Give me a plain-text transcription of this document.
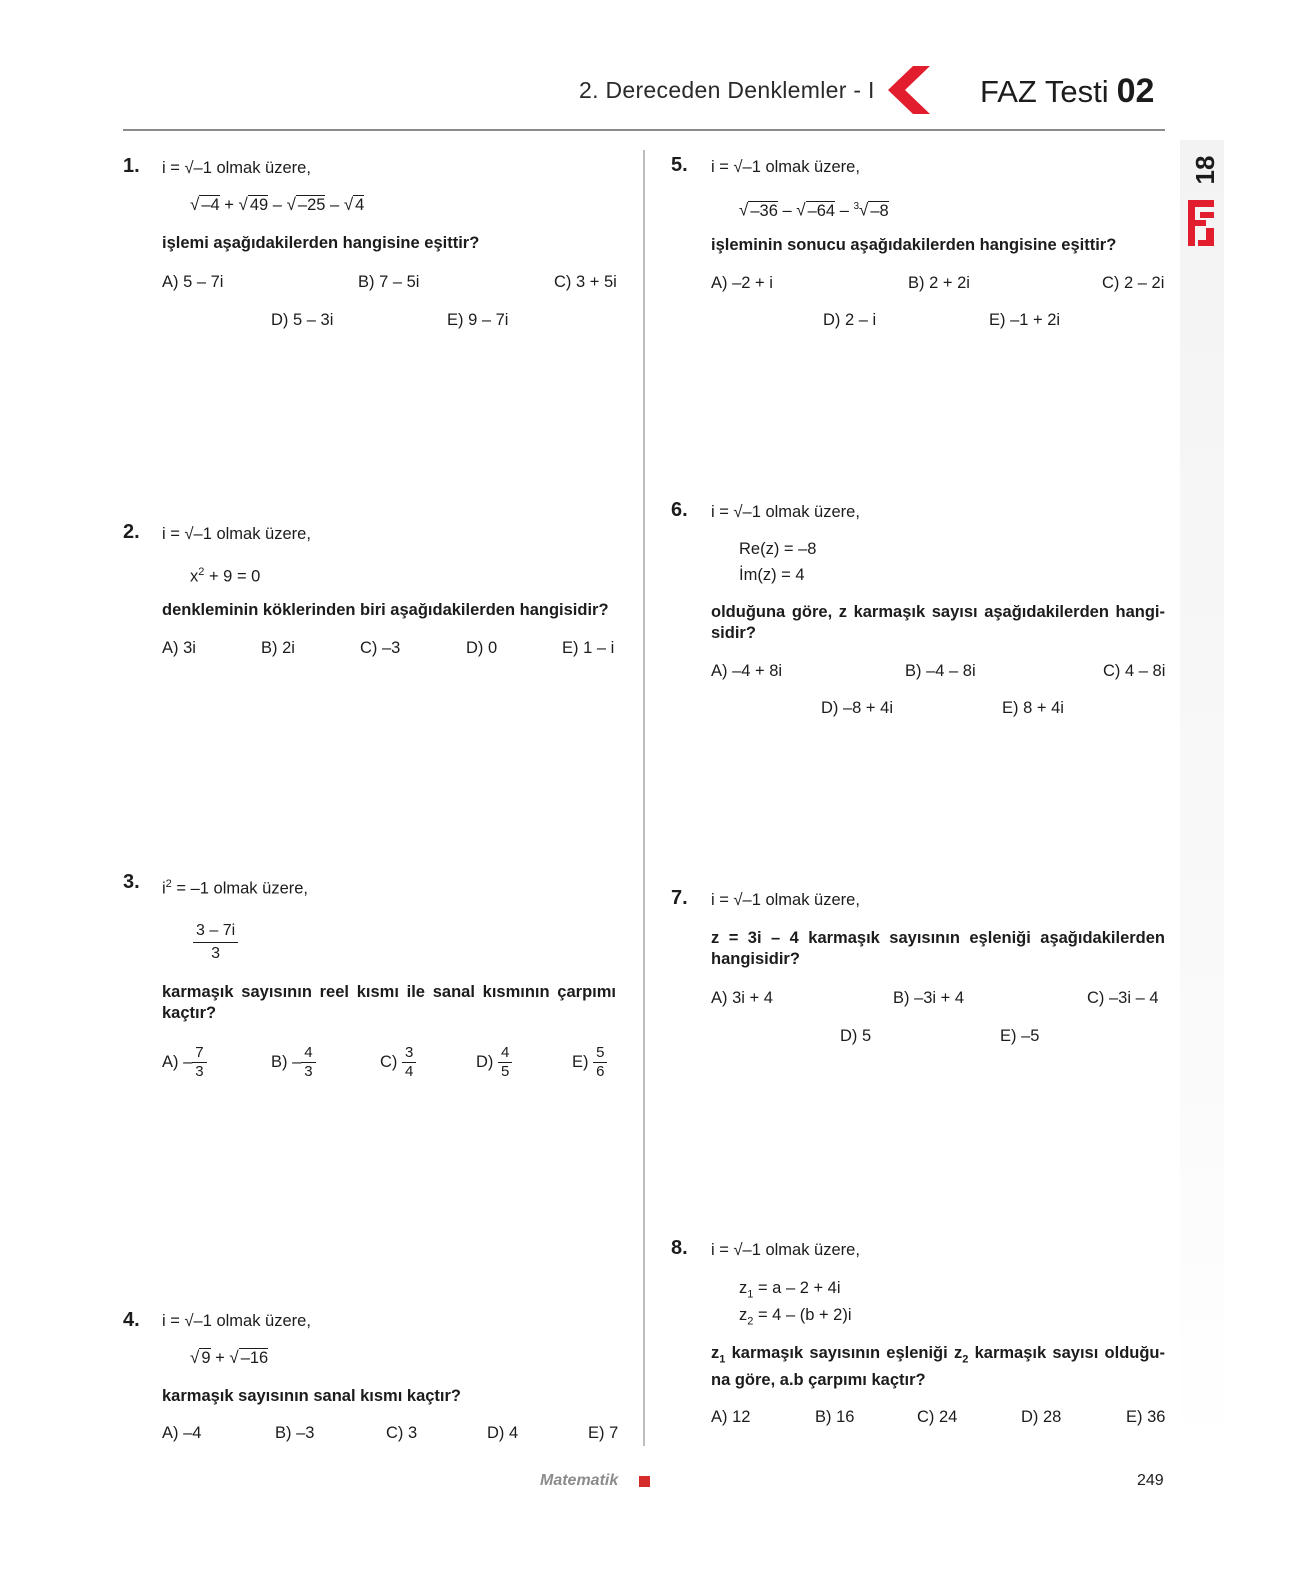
2. Dereceden Denklemler - I	FAZ Testi 02
18
1. i = √–1 olmak üzere,
√ –4 + √ 49 – √ –25 – √ 4
işlemi aşağıdakilerden hangisine eşittir?
A) 5 – 7i	B) 7 – 5i	C) 3 + 5i
D) 5 – 3i	E) 9 – 7i
2. i = √–1 olmak üzere,
$x^2 + 9 = 0$
denkleminin köklerinden biri aşağıdakilerden hangisidir?
A) 3i	B) 2i	C) –3	D) 0	E) 1 – i
3. $i^2 = -1$ olmak üzere,
$\frac{3 - 7i}{3}$
karmaşık sayısının reel kısmı ile sanal kısmının çarpımı kaçtır?
$A) - \frac{7}{3}$	$B) - \frac{4}{3}$	$C) \frac{3}{4}$	$D) \frac{4}{5}$	$E) \frac{5}{6}$
4. i = √–1 olmak üzere,
√ 9 + √ –16
karmaşık sayısının sanal kısmı kaçtır?
A) –4	B) –3	C) 3	D) 4	E) 7
5. i = √–1 olmak üzere,
√ –36 – √ –64 – $^3$√ –8
işleminin sonucu aşağıdakilerden hangisine eşittir?
A) –2 + i	B) 2 + 2i	C) 2 – 2i
D) 2 – i	E) –1 + 2i
6. i = √–1 olmak üzere,
Re(z) = –8
İm(z) = 4
olduğuna göre, z karmaşık sayısı aşağıdakilerden hangi-
sidir?
A) –4 + 8i	B) –4 – 8i	C) 4 – 8i
D) –8 + 4i	E) 8 + 4i
7. i = √–1 olmak üzere,
z = 3i – 4 karmaşık sayısının eşleniği aşağıdakilerden
hangisidir?
A) 3i + 4	B) –3i + 4	C) –3i – 4
D) 5	E) –5
8. i = √–1 olmak üzere,
$z_1 = a - 2 + 4i$
$z_2 = 4 - (b + 2)i$
$z_1$ karmaşık sayısının eşleniği $z_2$ karmaşık sayısı olduğu-
na göre, a.b çarpımı kaçtır?
A) 12	B) 16	C) 24	D) 28	E) 36
Matematik	249
